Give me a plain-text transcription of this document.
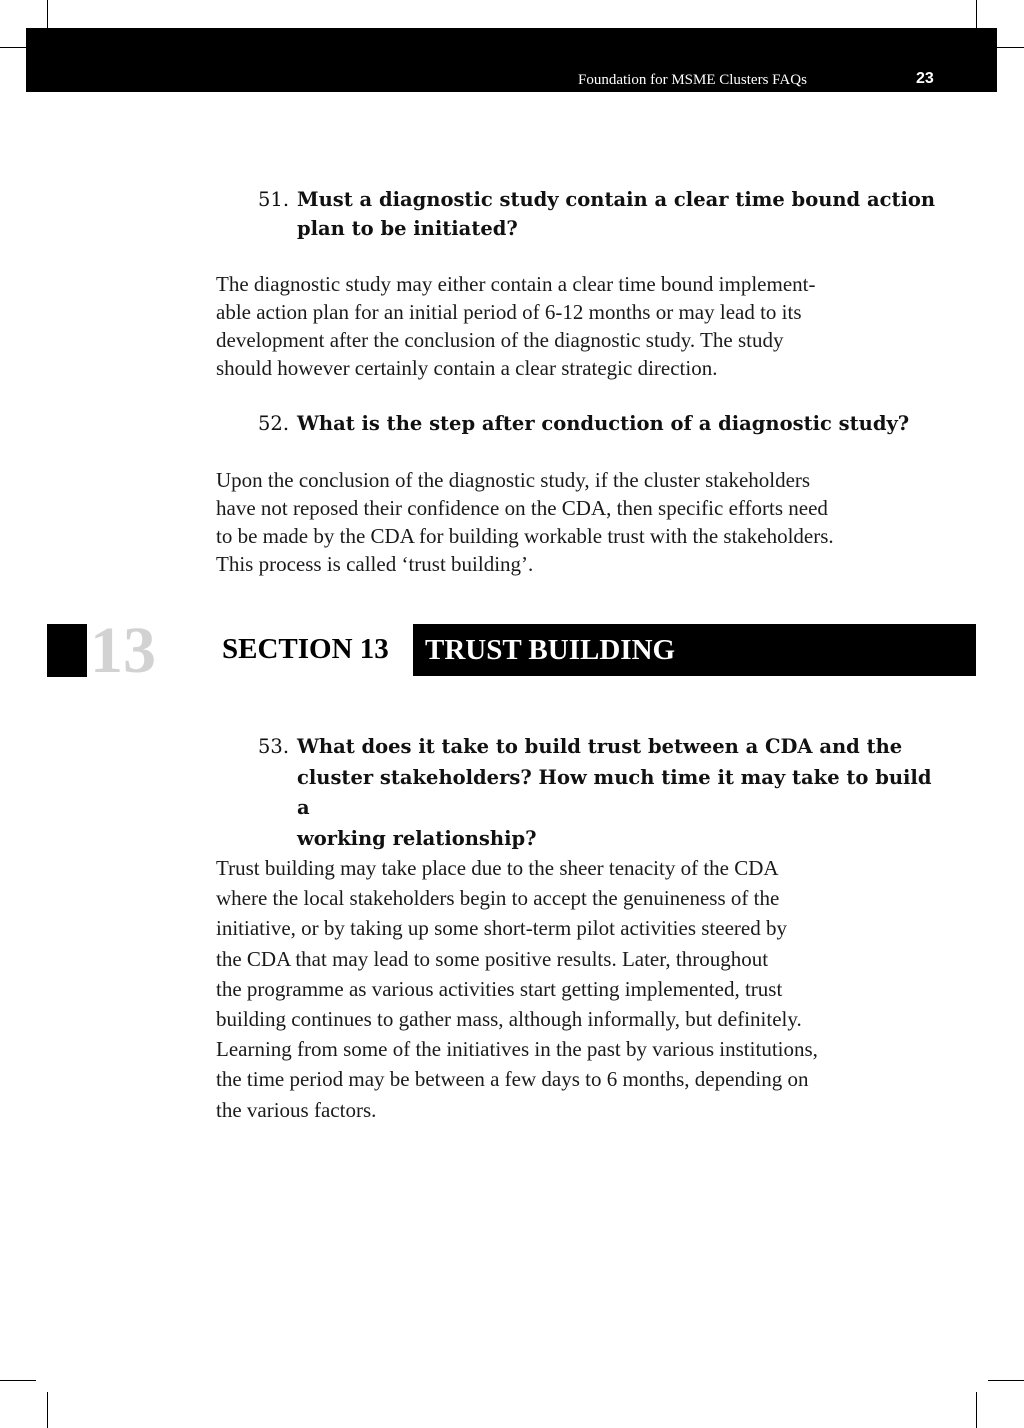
Foundation for MSME Clusters FAQs	23
51. Must a diagnostic study contain a clear time bound action
plan to be initiated?
The diagnostic study may either contain a clear time bound implement-
able action plan for an initial period of 6-12 months or may lead to its
development after the conclusion of the diagnostic study. The study
should however certainly contain a clear strategic direction.
52. What is the step after conduction of a diagnostic study?
Upon the conclusion of the diagnostic study, if the cluster stakeholders
have not reposed their confidence on the CDA, then specific efforts need
to be made by the CDA for building workable trust with the stakeholders.
This process is called ‘trust building’.
13 SECTION 13 TRUST BUILDING
53. What does it take to build trust between a CDA and the
cluster stakeholders? How much time it may take to build a
working relationship?
Trust building may take place due to the sheer tenacity of the CDA
where the local stakeholders begin to accept the genuineness of the
initiative, or by taking up some short-term pilot activities steered by
the CDA that may lead to some positive results. Later, throughout
the programme as various activities start getting implemented, trust
building continues to gather mass, although informally, but definitely.
Learning from some of the initiatives in the past by various institutions,
the time period may be between a few days to 6 months, depending on
the various factors.
